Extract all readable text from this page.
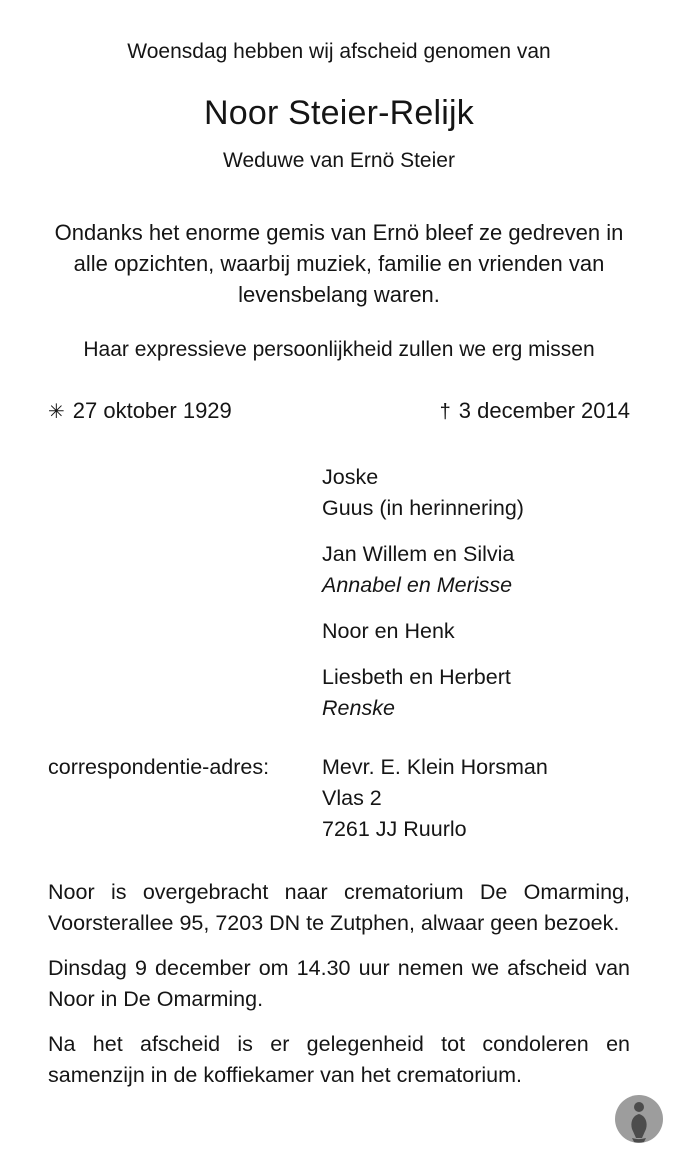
Woensdag hebben wij afscheid genomen van
Noor Steier-Relijk
Weduwe van Ernö Steier
Ondanks het enorme gemis van Ernö bleef ze gedreven in alle opzichten, waarbij muziek, familie en vrienden van levensbelang waren.
Haar expressieve persoonlijkheid zullen we erg missen
✳ 27 oktober 1929	† 3 december 2014
Joske
Guus (in herinnering)
Jan Willem en Silvia
Annabel en Merisse
Noor en Henk
Liesbeth en Herbert
Renske
correspondentie-adres:	Mevr. E. Klein Horsman
Vlas 2
7261 JJ Ruurlo

Noor is overgebracht naar crematorium De Omarming, Voorsterallee 95, 7203 DN te Zutphen, alwaar geen bezoek.

Dinsdag 9 december om 14.30 uur nemen we afscheid van Noor in De Omarming.

Na het afscheid is er gelegenheid tot condoleren en samenzijn in de koffiekamer van het crematorium.
